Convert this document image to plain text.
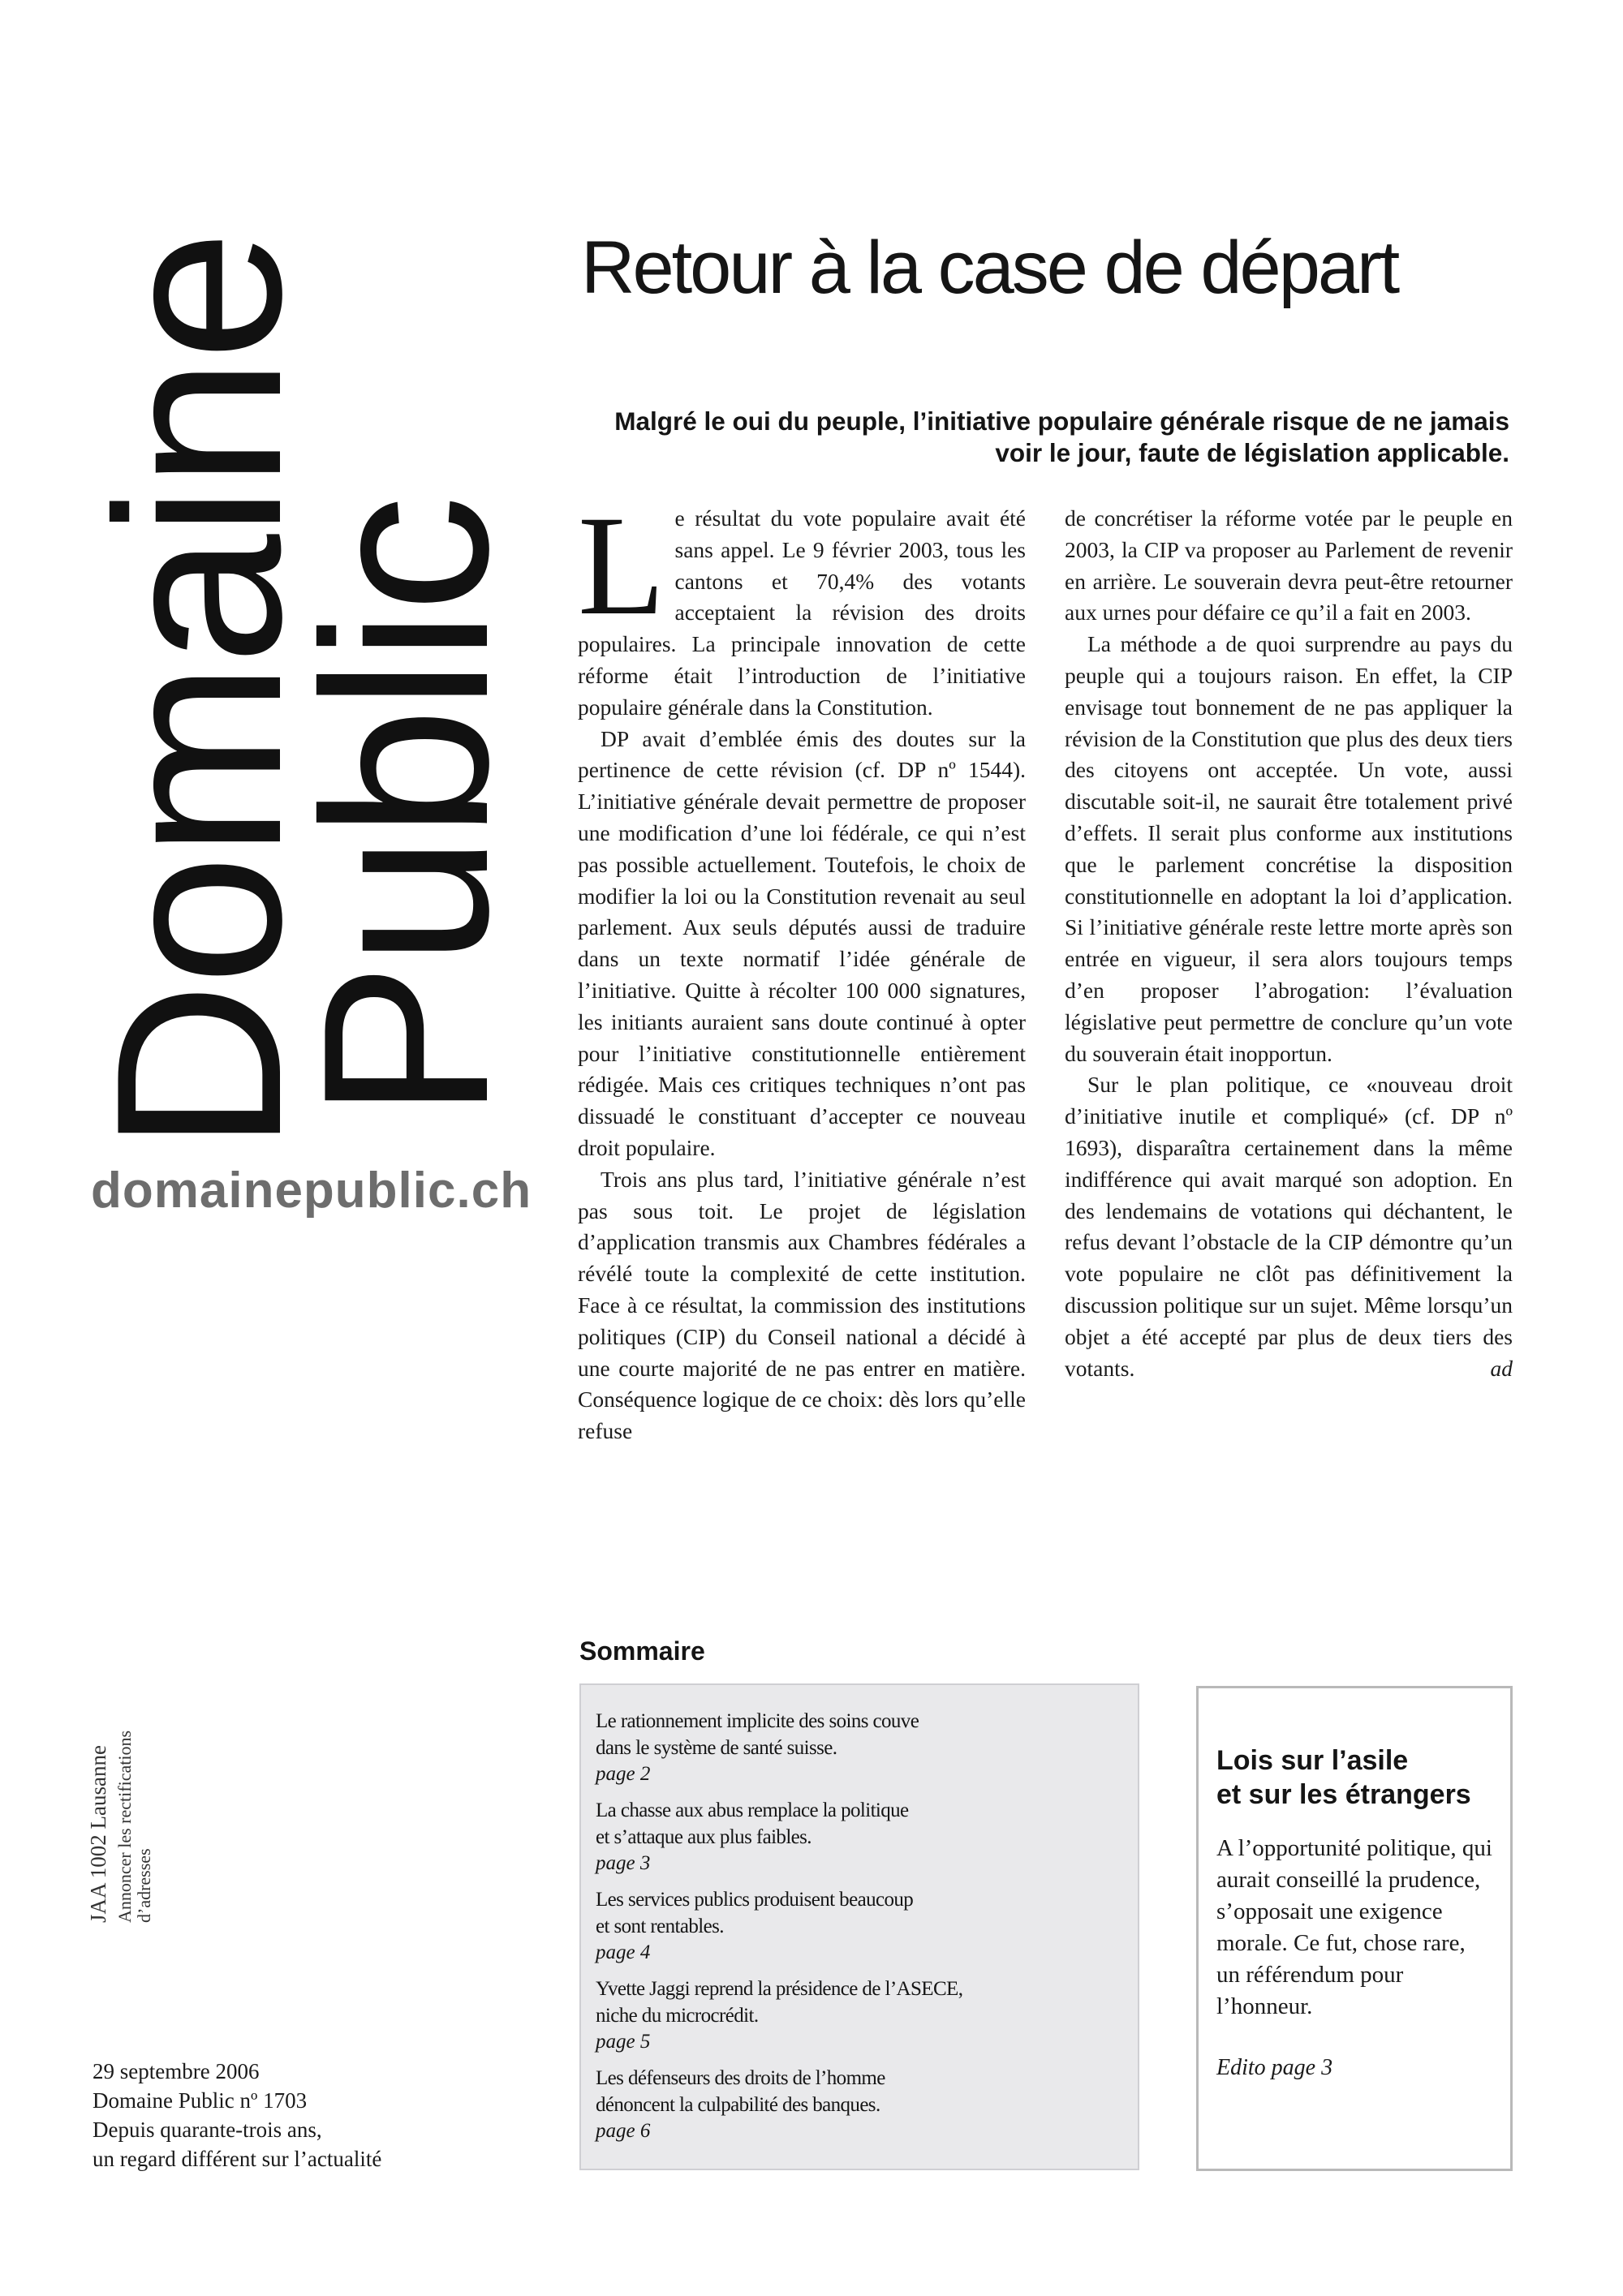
Domaine
Public
domainepublic.ch
Retour à la case de départ
Malgré le oui du peuple, l’initiative populaire générale risque de ne jamais voir le jour, faute de législation applicable.

Le résultat du vote populaire avait été sans appel. Le 9 février 2003, tous les cantons et 70,4% des votants acceptaient la révision des droits populaires. La principale innovation de cette réforme était l’introduction de l’initiative populaire générale dans la Constitution.

DP avait d’emblée émis des doutes sur la pertinence de cette révision (cf. DP nº 1544). L’initiative générale devait permettre de proposer une modification d’une loi fédérale, ce qui n’est pas possible actuellement. Toutefois, le choix de modifier la loi ou la Constitution revenait au seul parlement. Aux seuls députés aussi de traduire dans un texte normatif l’idée générale de l’initiative. Quitte à récolter 100 000 signatures, les initiants auraient sans doute continué à opter pour l’initiative constitutionnelle entièrement rédigée. Mais ces critiques techniques n’ont pas dissuadé le constituant d’accepter ce nouveau droit populaire.

Trois ans plus tard, l’initiative générale n’est pas sous toit. Le projet de législation d’application transmis aux Chambres fédérales a révélé toute la complexité de cette institution. Face à ce résultat, la commission des institutions politiques (CIP) du Conseil national a décidé à une courte majorité de ne pas entrer en matière. Conséquence logique de ce choix: dès lors qu’elle refuse

de concrétiser la réforme votée par le peuple en 2003, la CIP va proposer au Parlement de revenir en arrière. Le souverain devra peut-être retourner aux urnes pour défaire ce qu’il a fait en 2003.

La méthode a de quoi surprendre au pays du peuple qui a toujours raison. En effet, la CIP envisage tout bonnement de ne pas appliquer la révision de la Constitution que plus des deux tiers des citoyens ont acceptée. Un vote, aussi discutable soit-il, ne saurait être totalement privé d’effets. Il serait plus conforme aux institutions que le parlement concrétise la disposition constitutionnelle en adoptant la loi d’application. Si l’initiative générale reste lettre morte après son entrée en vigueur, il sera alors toujours temps d’en proposer l’abrogation: l’évaluation législative peut permettre de conclure qu’un vote du souverain était inopportun.

Sur le plan politique, ce «nouveau droit d’initiative inutile et compliqué» (cf. DP nº 1693), disparaîtra certainement dans la même indifférence qui avait marqué son adoption. En des lendemains de votations qui déchantent, le refus devant l’obstacle de la CIP démontre qu’un vote populaire ne clôt pas définitivement la discussion politique sur un sujet. Même lorsqu’un objet a été accepté par plus de deux tiers des votants.	ad

JAA 1002 Lausanne Annoncer les rectifications d’adresses
29 septembre 2006
Domaine Public nº 1703
Depuis quarante-trois ans,
un regard différent sur l’actualité
Sommaire
Le rationnement implicite des soins couve
dans le système de santé suisse.
page 2
La chasse aux abus remplace la politique
et s’attaque aux plus faibles.
page 3
Les services publics produisent beaucoup
et sont rentables.
page 4
Yvette Jaggi reprend la présidence de l’ASECE,
niche du microcrédit.
page 5
Les défenseurs des droits de l’homme
dénoncent la culpabilité des banques.
page 6
Lois sur l’asile
et sur les étrangers
A l’opportunité politique, qui aurait conseillé la prudence, s’opposait une exigence morale. Ce fut, chose rare, un référendum pour l’honneur.
Edito page 3
